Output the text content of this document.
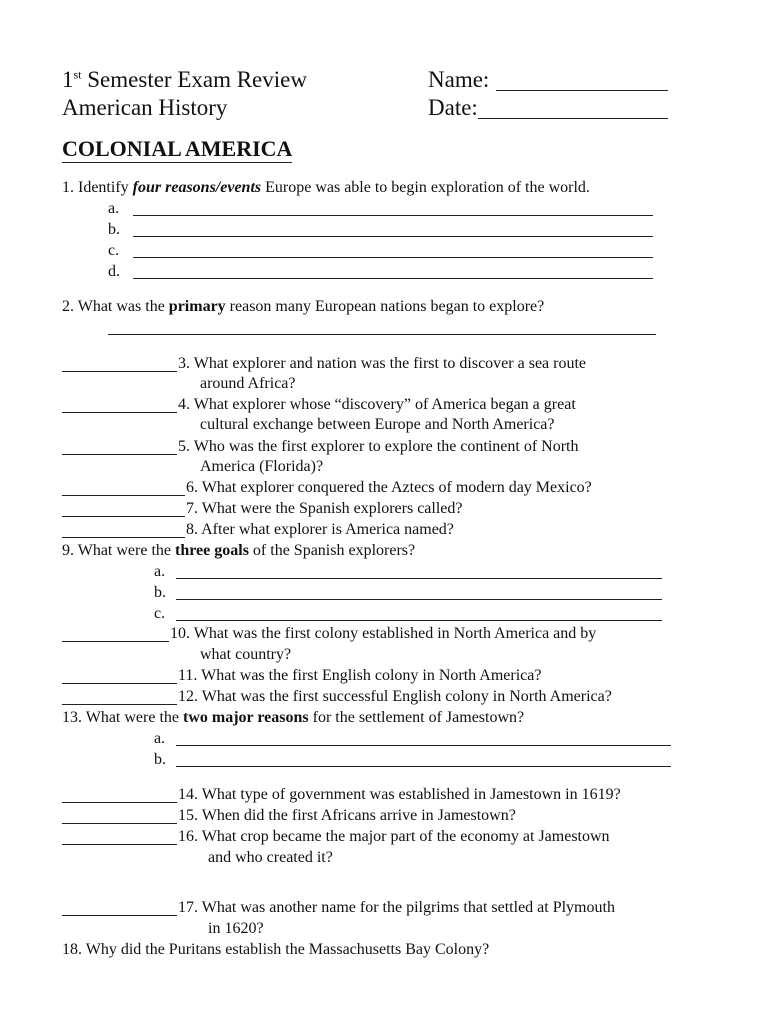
1st Semester Exam Review
American History
Name:
Date:
COLONIAL AMERICA
1. Identify four reasons/events Europe was able to begin exploration of the world.
a.
b.
c.
d.
2. What was the primary reason many European nations began to explore?
3. What explorer and nation was the first to discover a sea route
around Africa?
4. What explorer whose “discovery” of America began a great
cultural exchange between Europe and North America?
5. Who was the first explorer to explore the continent of North
America (Florida)?
6. What explorer conquered the Aztecs of modern day Mexico?
7. What were the Spanish explorers called?
8. After what explorer is America named?
9. What were the three goals of the Spanish explorers?
a.
b.
c.
10. What was the first colony established in North America and by
what country?
11. What was the first English colony in North America?
12. What was the first successful English colony in North America?
13. What were the two major reasons for the settlement of Jamestown?
a.
b.
14. What type of government was established in Jamestown in 1619?
15. When did the first Africans arrive in Jamestown?
16. What crop became the major part of the economy at Jamestown
and who created it?
17. What was another name for the pilgrims that settled at Plymouth
in 1620?
18. Why did the Puritans establish the Massachusetts Bay Colony?
